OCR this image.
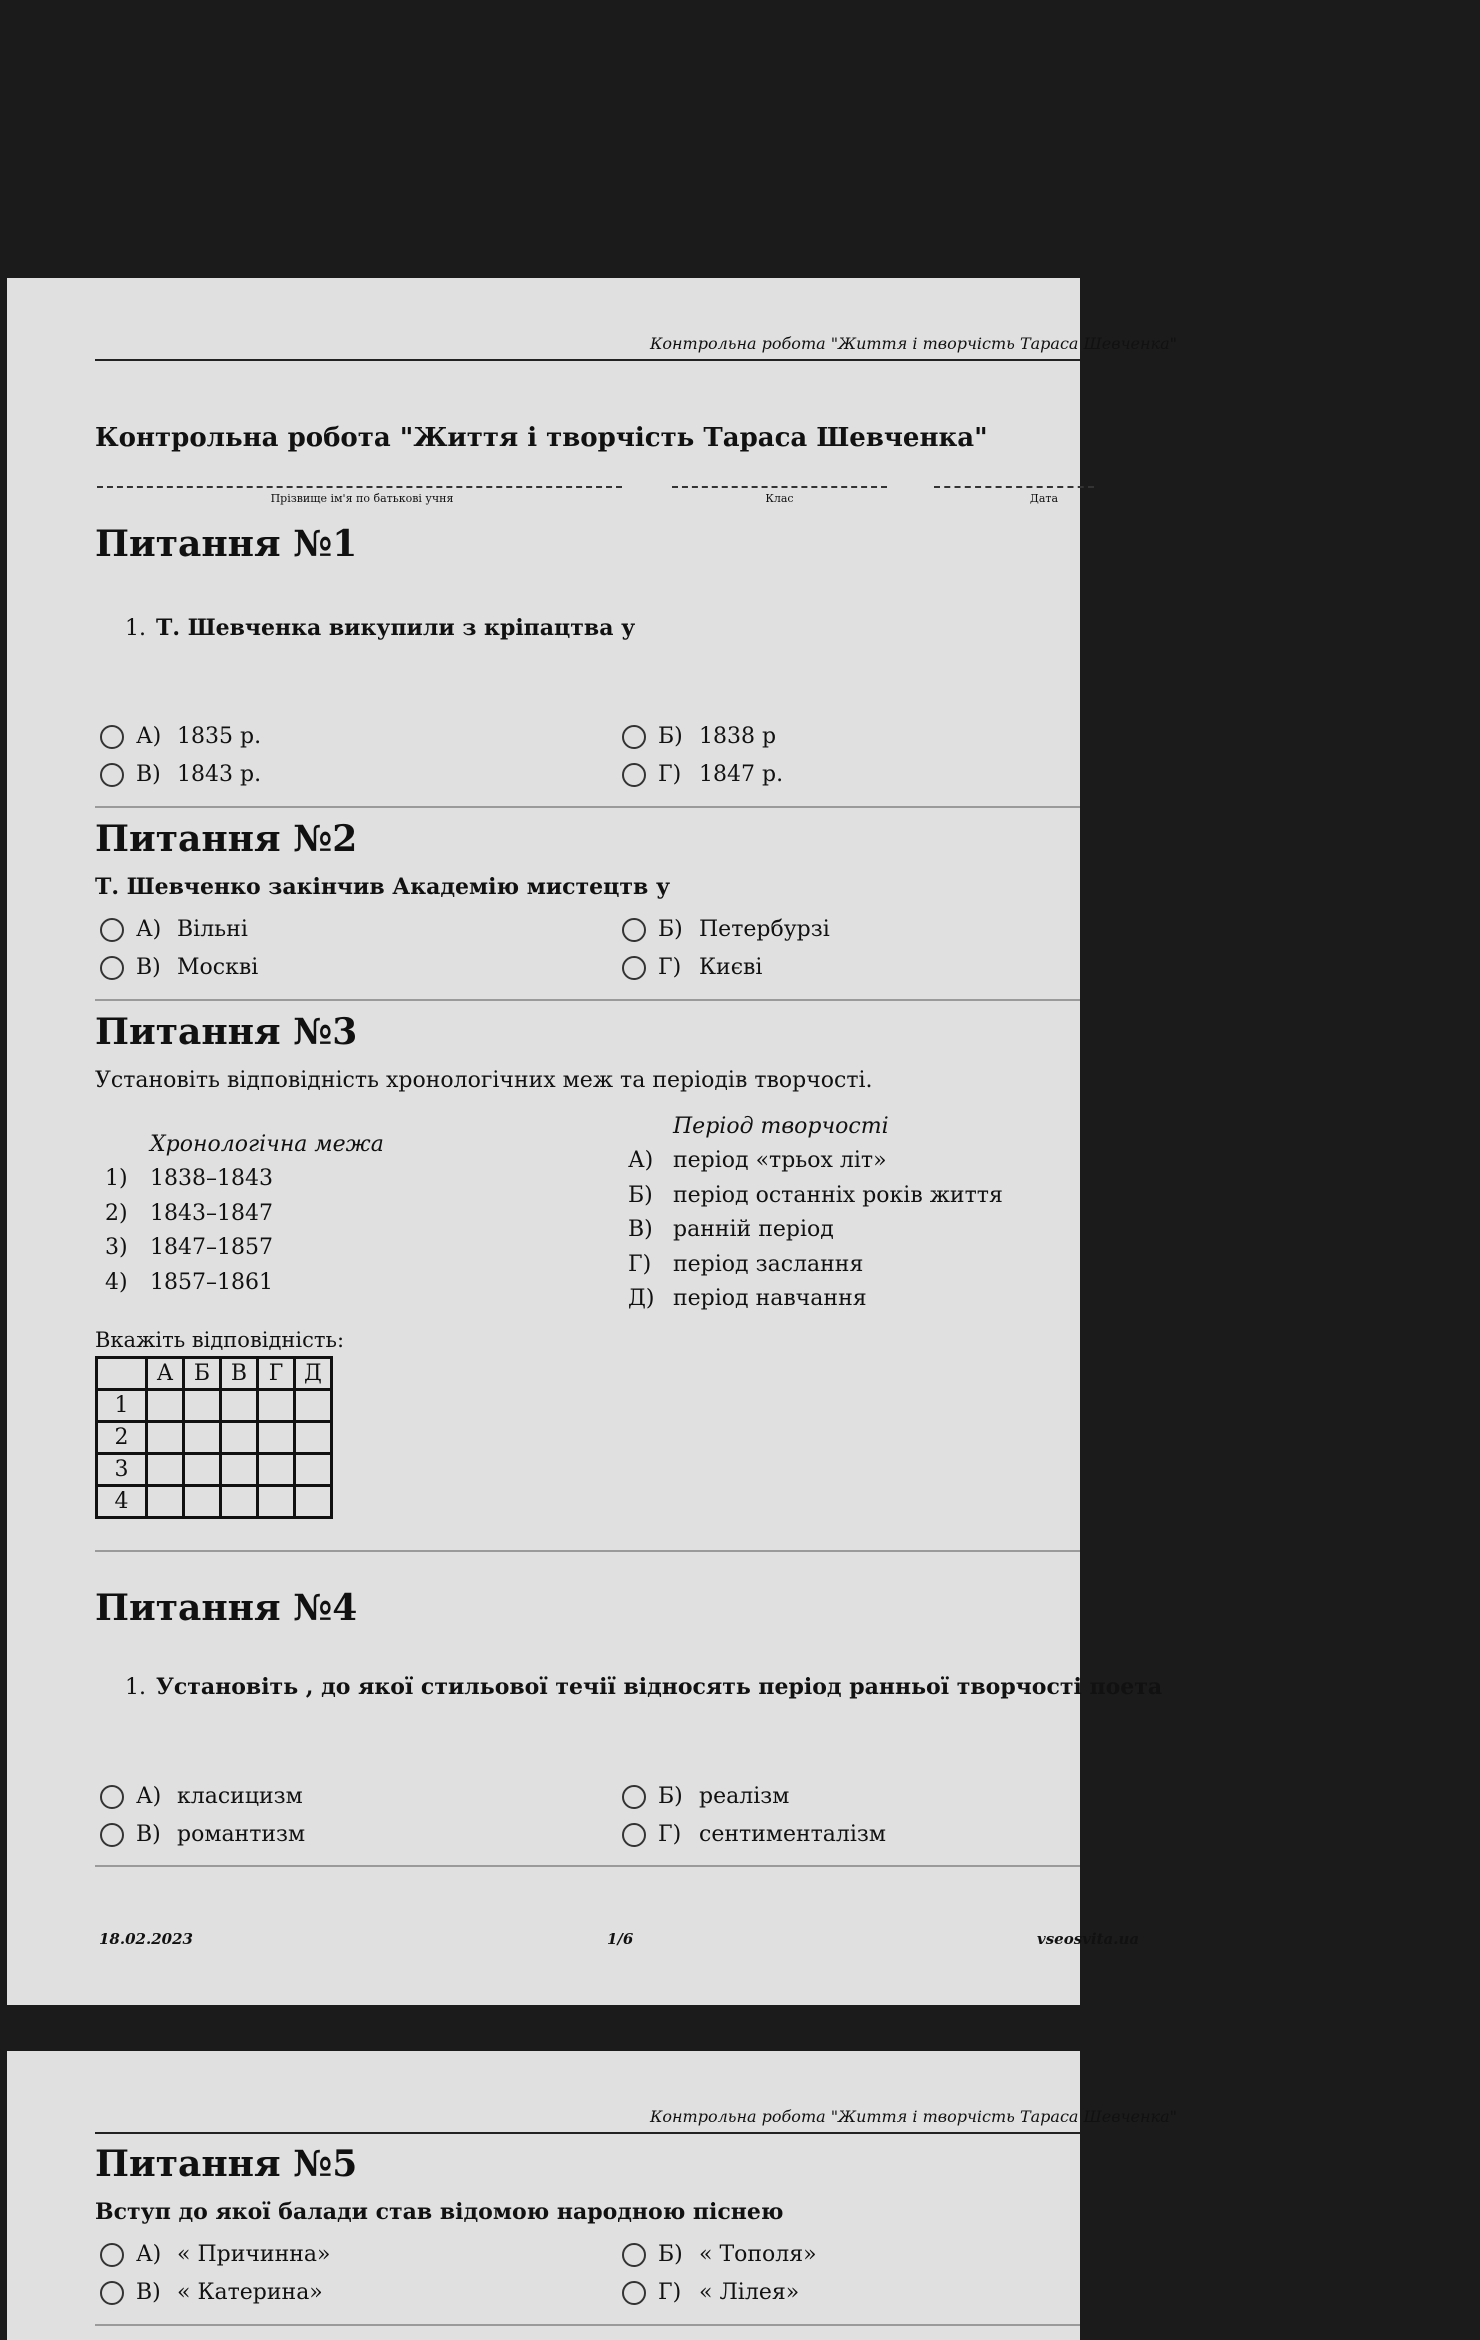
Контрольна робота "Життя і творчість Тараса Шевченка"
Контрольна робота "Життя і творчість Тараса Шевченка"
Прізвище ім'я по батькові учня	Клас	Дата
Питання №1
1. Т. Шевченка викупили з кріпацтва у
А) 1835 р.	Б) 1838 р
В) 1843 р.	Г) 1847 р.
Питання №2
Т. Шевченко закінчив Академію мистецтв у
А) Вільні	Б) Петербурзі
В) Москві	Г) Києві
Питання №3
Установіть відповідність хронологічних меж та періодів творчості.
Хронологічна межа
1)	1838–1843
2)	1843–1847
3)	1847–1857
4)	1857–1861
Період творчості
А) період «трьох літ»
Б) період останніх років життя
В) ранній період
Г) період заслання
Д) період навчання
Вкажіть відповідність:
	А	Б	В	Г	Д
1					
2					
3					
4					
Питання №4
1. Установіть , до якої стильової течії відносять період ранньої творчості поета
А) класицизм	Б) реалізм
В) романтизм	Г) сентименталізм
18.02.2023	1/6	vseosvita.ua
Контрольна робота "Життя і творчість Тараса Шевченка"
Питання №5
Вступ до якої балади став відомою народною піснею
А) « Причинна»	Б) « Тополя»
В) « Катерина»	Г) « Лілея»
